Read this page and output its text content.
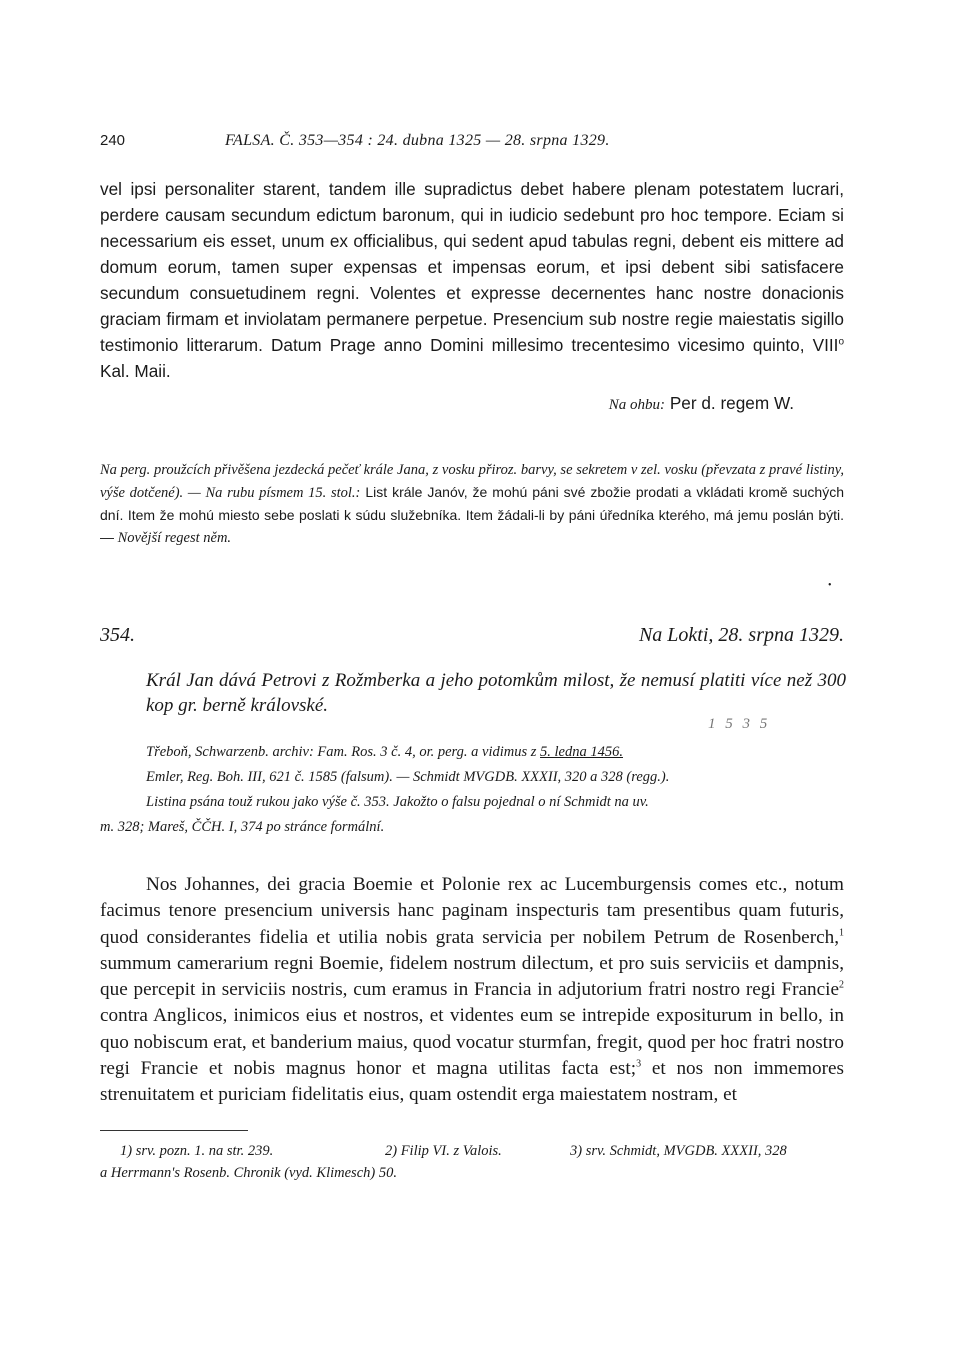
240	FALSA. Č. 353—354 : 24. dubna 1325 — 28. srpna 1329.
vel ipsi personaliter starent, tandem ille supradictus debet habere plenam potestatem lucrari, perdere causam secundum edictum baronum, qui in iudicio sedebunt pro hoc tempore. Eciam si necessarium eis esset, unum ex officialibus, qui sedent apud tabulas regni, debent eis mittere ad domum eorum, tamen super expensas et impensas eorum, et ipsi debent sibi satisfacere secundum consuetudinem regni. Volentes et expresse decernentes hanc nostre donacionis graciam firmam et inviolatam permanere perpetue. Presencium sub nostre regie maiestatis sigillo testimonio litterarum. Datum Prage anno Domini millesimo trecentesimo vicesimo quinto, VIII$^o$ Kal. Maii.
Na ohbu: Per d. regem W.
Na perg. proužcích přivěšena jezdecká pečeť krále Jana, z vosku přiroz. barvy, se sekretem v zel. vosku (převzata z pravé listiny, výše dotčené). — Na rubu písmem 15. stol.: List krále Janóv, že mohú páni své zbožie prodati a vkládati kromě suchých dní. Item že mohú miesto sebe poslati k súdu služebníka. Item žádali-li by páni úředníka kterého, má jemu poslán býti. — Novější regest něm.
•
354.	Na Lokti, 28. srpna 1329.
Král Jan dává Petrovi z Rožmberka a jeho potomkům milost, že nemusí platiti více než 300 kop gr. berně královské.
1 5 3 5

Třeboň, Schwarzenb. archiv: Fam. Ros. 3 č. 4, or. perg. a vidimus z 5. ledna 1456.

Emler, Reg. Boh. III, 621 č. 1585 (falsum). — Schmidt MVGDB. XXXII, 320 a 328 (regg.).

Listina psána touž rukou jako výše č. 353. Jakožto o falsu pojednal o ní Schmidt na uv.

m. 328; Mareš, ČČH. I, 374 po stránce formální.

Nos Johannes, dei gracia Boemie et Polonie rex ac Lucemburgensis comes etc., notum facimus tenore presencium universis hanc paginam inspecturis tam presentibus quam futuris, quod considerantes fidelia et utilia nobis grata servicia per nobilem Petrum de Rosenberch,$^1$ summum camerarium regni Boemie, fidelem nostrum dilectum, et pro suis serviciis et dampnis, que percepit in serviciis nostris, cum eramus in Francia in adjutorium fratri nostro regi Francie$^2$ contra Anglicos, inimicos eius et nostros, et videntes eum se intrepide expositurum in bello, in quo nobiscum erat, et banderium maius, quod vocatur sturmfan, fregit, quod per hoc fratri nostro regi Francie et nobis magnus honor et magna utilitas facta est;$^3$ et nos non immemores strenuitatem et puriciam fidelitatis eius, quam ostendit erga maiestatem nostram, et

1) srv. pozn. 1. na str. 239.	2) Filip VI. z Valois.	3) srv. Schmidt, MVGDB. XXXII, 328
a Herrmann's Rosenb. Chronik (vyd. Klimesch) 50.
